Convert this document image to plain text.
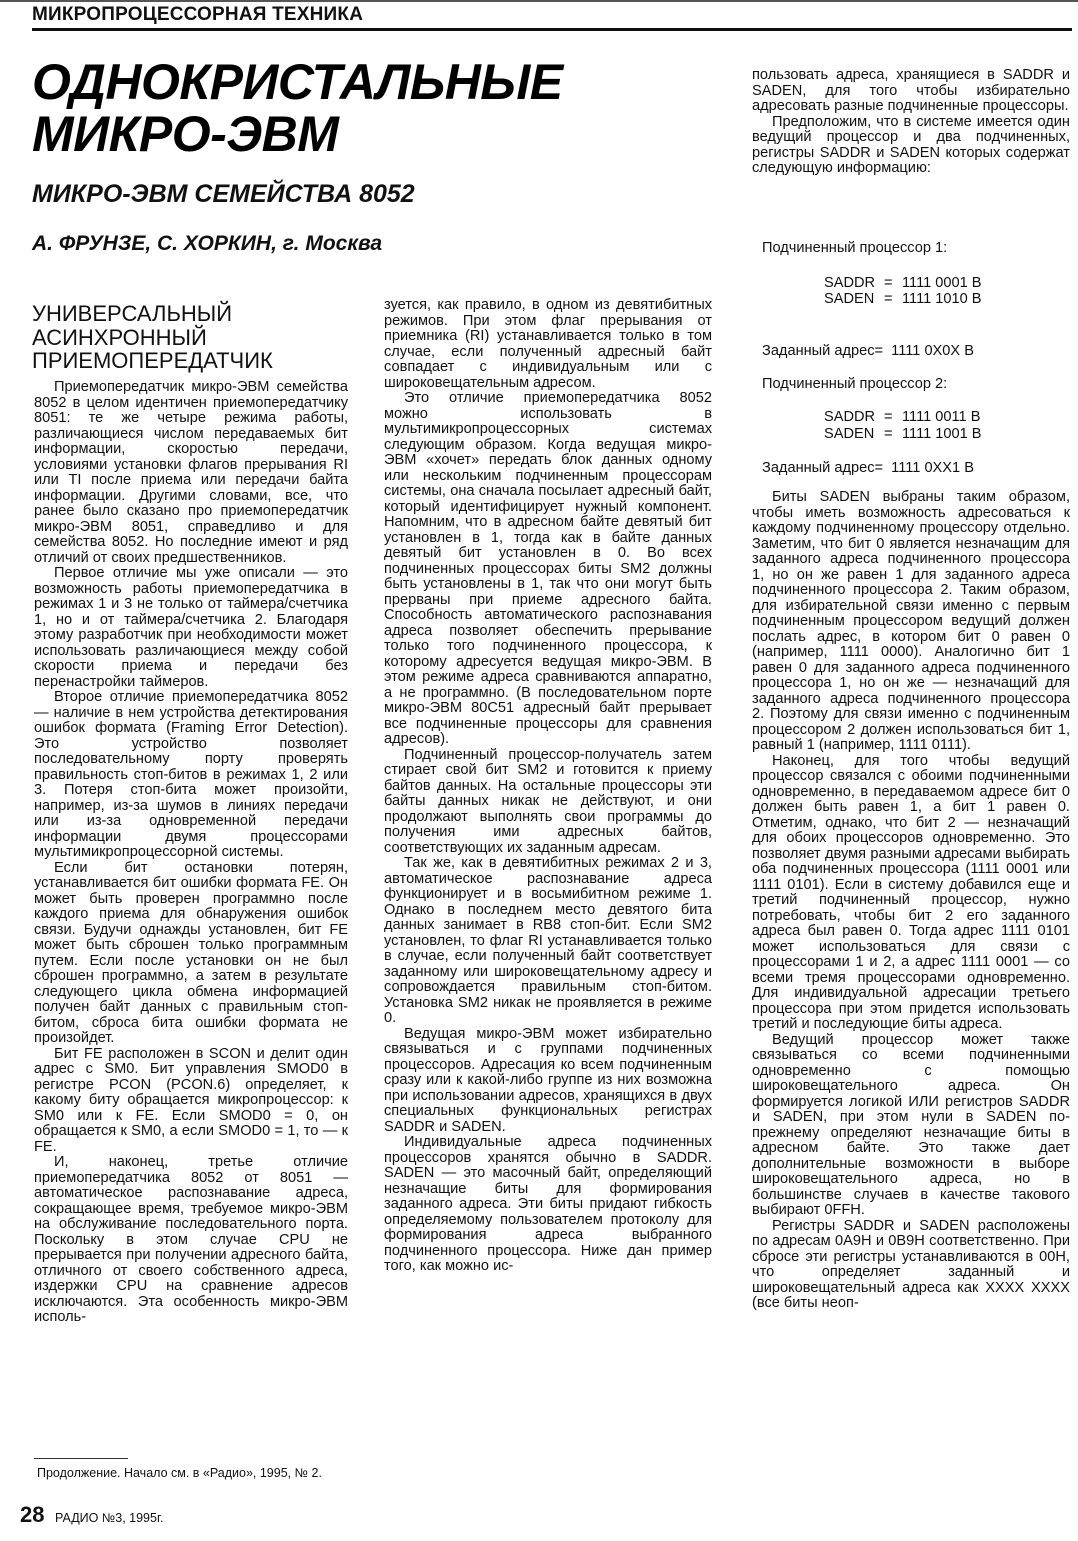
МИКРОПРОЦЕССОРНАЯ ТЕХНИКА
ОДНОКРИСТАЛЬНЫЕ
МИКРО-ЭВМ
МИКРО-ЭВМ СЕМЕЙСТВА 8052
А. ФРУНЗЕ, С. ХОРКИН, г. Москва
УНИВЕРСАЛЬНЫЙ
АСИНХРОННЫЙ
ПРИЕМОПЕРЕДАТЧИК

Приемопередатчик микро-ЭВМ семейства 8052 в целом идентичен приемопередатчику 8051: те же четыре режима работы, различающиеся числом передаваемых бит информации, скоростью передачи, условиями установки флагов прерывания RI или TI после приема или передачи байта информации. Другими словами, все, что ранее было сказано про приемопередатчик микро-ЭВМ 8051, справедливо и для семейства 8052. Но последние имеют и ряд отличий от своих предшественников.

Первое отличие мы уже описали — это возможность работы приемопередатчика в режимах 1 и 3 не только от таймера/счетчика 1, но и от таймера/счетчика 2. Благодаря этому разработчик при необходимости может использовать различающиеся между собой скорости приема и передачи без перенастройки таймеров.

Второе отличие приемопередатчика 8052 — наличие в нем устройства детектирования ошибок формата (Framing Error Detection). Это устройство позволяет последовательному порту проверять правильность стоп-битов в режимах 1, 2 или 3. Потеря стоп-бита может произойти, например, из-за шумов в линиях передачи или из-за одновременной передачи информации двумя процессорами мультимикропроцессорной системы.

Если бит остановки потерян, устанавливается бит ошибки формата FE. Он может быть проверен программно после каждого приема для обнаружения ошибок связи. Будучи однажды установлен, бит FE может быть сброшен только программным путем. Если после установки он не был сброшен программно, а затем в результате следующего цикла обмена информацией получен байт данных с правильным стоп-битом, сброса бита ошибки формата не произойдет.

Бит FE расположен в SCON и делит один адрес с SM0. Бит управления SMOD0 в регистре PCON (PCON.6) определяет, к какому биту обращается микропроцессор: к SM0 или к FE. Если SMOD0 = 0, он обращается к SM0, а если SMOD0 = 1, то — к FE.

И, наконец, третье отличие приемопередатчика 8052 от 8051 — автоматическое распознавание адреса, сокращающее время, требуемое микро-ЭВМ на обслуживание последовательного порта. Поскольку в этом случае CPU не прерывается при получении адресного байта, отличного от своего собственного адреса, издержки CPU на сравнение адресов исключаются. Эта особенность микро-ЭВМ исполь-

зуется, как правило, в одном из девятибитных режимов. При этом флаг прерывания от приемника (RI) устанавливается только в том случае, если полученный адресный байт совпадает с индивидуальным или с широковещательным адресом.

Это отличие приемопередатчика 8052 можно использовать в мультимикропроцессорных системах следующим образом. Когда ведущая микро-ЭВМ «хочет» передать блок данных одному или нескольким подчиненным процессорам системы, она сначала посылает адресный байт, который идентифицирует нужный компонент. Напомним, что в адресном байте девятый бит установлен в 1, тогда как в байте данных девятый бит установлен в 0. Во всех подчиненных процессорах биты SM2 должны быть установлены в 1, так что они могут быть прерваны при приеме адресного байта. Способность автоматического распознавания адреса позволяет обеспечить прерывание только того подчиненного процессора, к которому адресуется ведущая микро-ЭВМ. В этом режиме адреса сравниваются аппаратно, а не программно. (В последовательном порте микро-ЭВМ 80C51 адресный байт прерывает все подчиненные процессоры для сравнения адресов).

Подчиненный процессор-получатель затем стирает свой бит SM2 и готовится к приему байтов данных. На остальные процессоры эти байты данных никак не действуют, и они продолжают выполнять свои программы до получения ими адресных байтов, соответствующих их заданным адресам.

Так же, как в девятибитных режимах 2 и 3, автоматическое распознавание адреса функционирует и в восьмибитном режиме 1. Однако в последнем место девятого бита данных занимает в RB8 стоп-бит. Если SM2 установлен, то флаг RI устанавливается только в случае, если полученный байт соответствует заданному или широковещательному адресу и сопровождается правильным стоп-битом. Установка SM2 никак не проявляется в режиме 0.

Ведущая микро-ЭВМ может избирательно связываться и с группами подчиненных процессоров. Адресация ко всем подчиненным сразу или к какой-либо группе из них возможна при использовании адресов, хранящихся в двух специальных функциональных регистрах SADDR и SADEN.

Индивидуальные адреса подчиненных процессоров хранятся обычно в SADDR. SADEN — это масочный байт, определяющий незначащие биты для формирования заданного адреса. Эти биты придают гибкость определяемому пользователем протоколу для формирования адреса выбранного подчиненного процессора. Ниже дан пример того, как можно ис-

пользовать адреса, хранящиеся в SADDR и SADEN, для того чтобы избирательно адресовать разные подчиненные процессоры.

Предположим, что в системе имеется один ведущий процессор и два подчиненных, регистры SADDR и SADEN которых содержат следующую информацию:

Подчиненный процессор 1:
SADDR = 1111 0001 B
SADEN = 1111 1010 B
Заданный адрес= 1111 0X0X B
Подчиненный процессор 2:
SADDR = 1111 0011 B
SADEN = 1111 1001 B
Заданный адрес= 1111 0XX1 B

Биты SADEN выбраны таким образом, чтобы иметь возможность адресоваться к каждому подчиненному процессору отдельно. Заметим, что бит 0 является незначащим для заданного адреса подчиненного процессора 1, но он же равен 1 для заданного адреса подчиненного процессора 2. Таким образом, для избирательной связи именно с первым подчиненным процессором ведущий должен послать адрес, в котором бит 0 равен 0 (например, 1111 0000). Аналогично бит 1 равен 0 для заданного адреса подчиненного процессора 1, но он же — незначащий для заданного адреса подчиненного процессора 2. Поэтому для связи именно с подчиненным процессором 2 должен использоваться бит 1, равный 1 (например, 1111 0111).

Наконец, для того чтобы ведущий процессор связался с обоими подчиненными одновременно, в передаваемом адресе бит 0 должен быть равен 1, а бит 1 равен 0. Отметим, однако, что бит 2 — незначащий для обоих процессоров одновременно. Это позволяет двумя разными адресами выбирать оба подчиненных процессора (1111 0001 или 1111 0101). Если в систему добавился еще и третий подчиненный процессор, нужно потребовать, чтобы бит 2 его заданного адреса был равен 0. Тогда адрес 1111 0101 может использоваться для связи с процессорами 1 и 2, а адрес 1111 0001 — со всеми тремя процессорами одновременно. Для индивидуальной адресации третьего процессора при этом придется использовать третий и последующие биты адреса.

Ведущий процессор может также связываться со всеми подчиненными одновременно с помощью широковещательного адреса. Он формируется логикой ИЛИ регистров SADDR и SADEN, при этом нули в SADEN по-прежнему определяют незначащие биты в адресном байте. Это также дает дополнительные возможности в выборе широковещательного адреса, но в большинстве случаев в качестве такового выбирают 0FFH.

Регистры SADDR и SADEN расположены по адресам 0A9H и 0B9H соответственно. При сбросе эти регистры устанавливаются в 00H, что определяет заданный и широковещательный адреса как XXXX XXXX (все биты неоп-

Продолжение. Начало см. в «Радио», 1995, № 2.
28 РАДИО №3, 1995г.
